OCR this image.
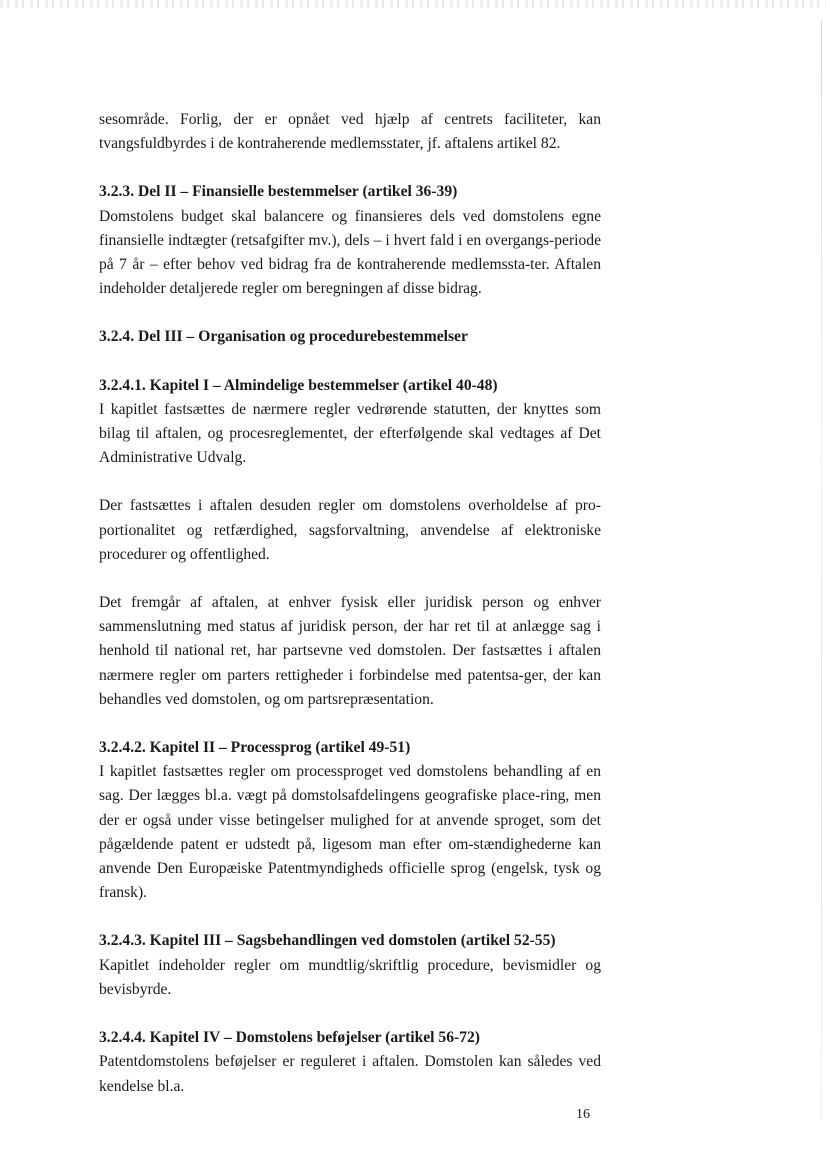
sesområde. Forlig, der er opnået ved hjælp af centrets faciliteter, kan tvangsfuldbyrdes i de kontraherende medlemsstater, jf. aftalens artikel 82.

3.2.3. Del II – Finansielle bestemmelser (artikel 36-39)

Domstolens budget skal balancere og finansieres dels ved domstolens egne finansielle indtægter (retsafgifter mv.), dels – i hvert fald i en overgangs-periode på 7 år – efter behov ved bidrag fra de kontraherende medlemssta-ter. Aftalen indeholder detaljerede regler om beregningen af disse bidrag.

3.2.4. Del III – Organisation og procedurebestemmelser

3.2.4.1. Kapitel I – Almindelige bestemmelser (artikel 40-48)

I kapitlet fastsættes de nærmere regler vedrørende statutten, der knyttes som bilag til aftalen, og procesreglementet, der efterfølgende skal vedtages af Det Administrative Udvalg.

Der fastsættes i aftalen desuden regler om domstolens overholdelse af pro-portionalitet og retfærdighed, sagsforvaltning, anvendelse af elektroniske procedurer og offentlighed.

Det fremgår af aftalen, at enhver fysisk eller juridisk person og enhver sammenslutning med status af juridisk person, der har ret til at anlægge sag i henhold til national ret, har partsevne ved domstolen. Der fastsættes i aftalen nærmere regler om parters rettigheder i forbindelse med patentsa-ger, der kan behandles ved domstolen, og om partsrepræsentation.

3.2.4.2. Kapitel II – Processprog (artikel 49-51)

I kapitlet fastsættes regler om processproget ved domstolens behandling af en sag. Der lægges bl.a. vægt på domstolsafdelingens geografiske place-ring, men der er også under visse betingelser mulighed for at anvende sproget, som det pågældende patent er udstedt på, ligesom man efter om-stændighederne kan anvende Den Europæiske Patentmyndigheds officielle sprog (engelsk, tysk og fransk).

3.2.4.3. Kapitel III – Sagsbehandlingen ved domstolen (artikel 52-55)

Kapitlet indeholder regler om mundtlig/skriftlig procedure, bevismidler og bevisbyrde.

3.2.4.4. Kapitel IV – Domstolens beføjelser (artikel 56-72)

Patentdomstolens beføjelser er reguleret i aftalen. Domstolen kan således ved kendelse bl.a.

16
